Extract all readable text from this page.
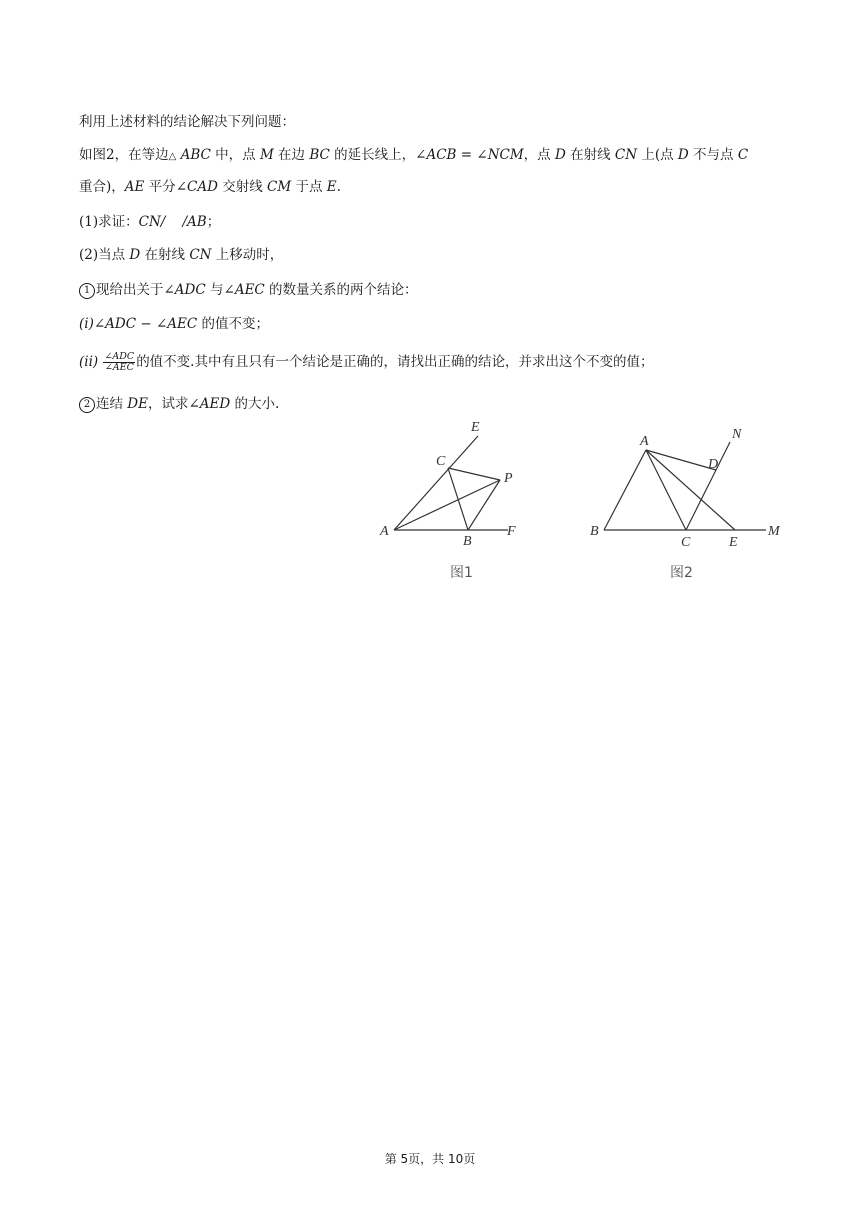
利用上述材料的结论解决下列问题：
如图2，在等边△ ABC 中，点 M 在边 BC 的延长线上，∠ACB = ∠NCM，点 D 在射线 CN 上(点 D 不与点 C
重合)，AE 平分∠CAD 交射线 CM 于点 E.
(1)求证：CN/    /AB；
(2)当点 D 在射线 CN 上移动时，
1 现给出关于∠ADC 与∠AEC 的数量关系的两个结论：
(i)∠ADC − ∠AEC 的值不变；
$(ii) \frac{\text{∠ADC}}{\text{∠AEC}}$ 的值不变.其中有且只有一个结论是正确的，请找出正确的结论，并求出这个不变的值；
2 连结 DE，试求∠AED 的大小.
E
C
P
A
B
F
图1
A	N
D
B
C	E
M
图2
第 5页，共 10页
